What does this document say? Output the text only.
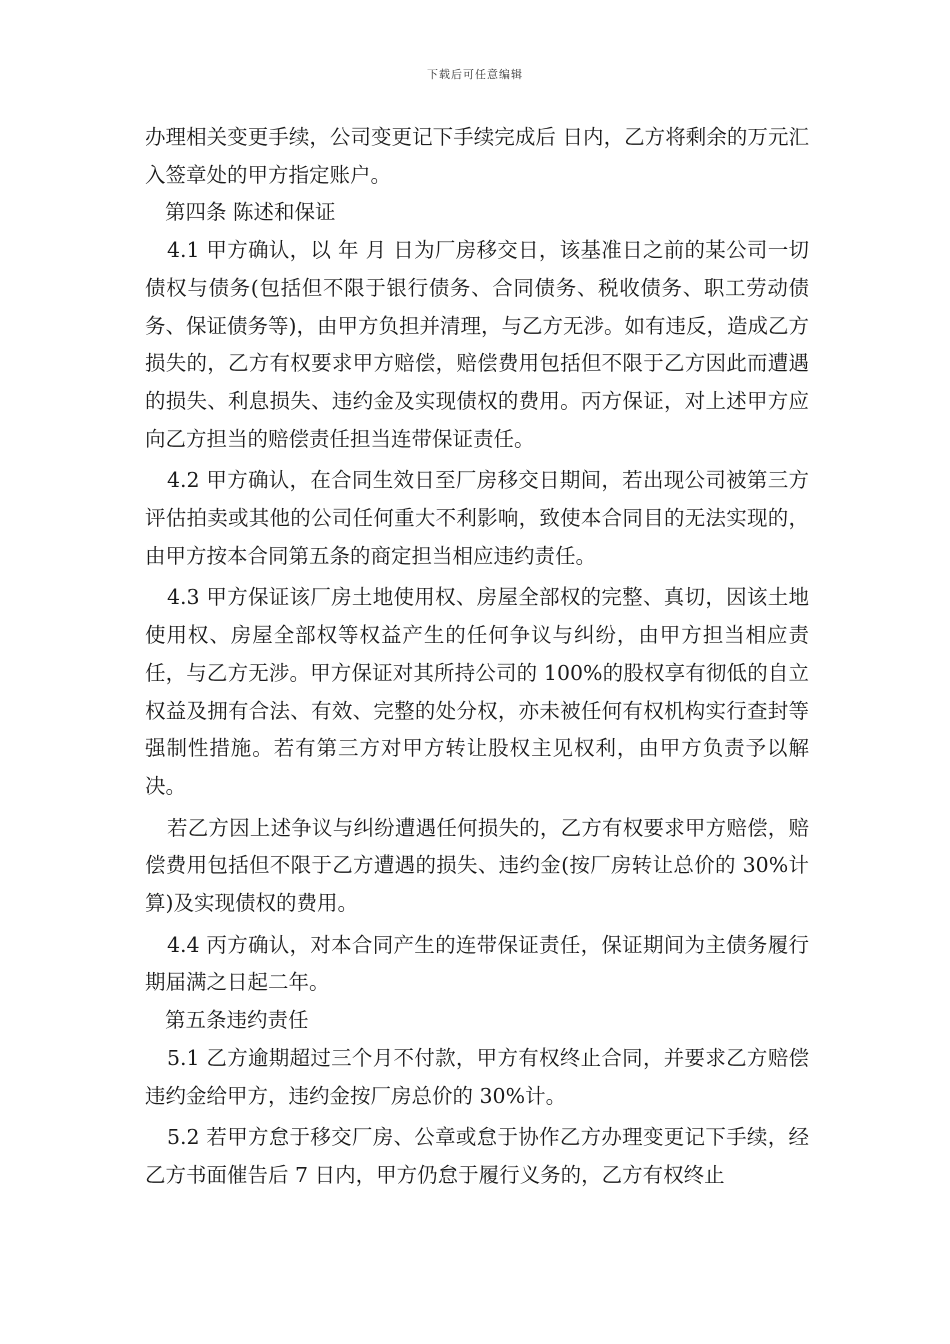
下载后可任意编辑

办理相关变更手续，公司变更记下手续完成后 日内，乙方将剩余的万元汇入签章处的甲方指定账户。

第四条 陈述和保证

4.1 甲方确认，以 年 月 日为厂房移交日，该基准日之前的某公司一切债权与债务(包括但不限于银行债务、合同债务、税收债务、职工劳动债务、保证债务等)，由甲方负担并清理，与乙方无涉。如有违反，造成乙方损失的，乙方有权要求甲方赔偿，赔偿费用包括但不限于乙方因此而遭遇的损失、利息损失、违约金及实现债权的费用。丙方保证，对上述甲方应向乙方担当的赔偿责任担当连带保证责任。

4.2 甲方确认，在合同生效日至厂房移交日期间，若出现公司被第三方评估拍卖或其他的公司任何重大不利影响，致使本合同目的无法实现的，由甲方按本合同第五条的商定担当相应违约责任。

4.3 甲方保证该厂房土地使用权、房屋全部权的完整、真切，因该土地使用权、房屋全部权等权益产生的任何争议与纠纷，由甲方担当相应责任，与乙方无涉。甲方保证对其所持公司的 100%的股权享有彻低的自立权益及拥有合法、有效、完整的处分权，亦未被任何有权机构实行查封等强制性措施。若有第三方对甲方转让股权主见权利，由甲方负责予以解决。

若乙方因上述争议与纠纷遭遇任何损失的，乙方有权要求甲方赔偿，赔偿费用包括但不限于乙方遭遇的损失、违约金(按厂房转让总价的 30%计算)及实现债权的费用。

4.4 丙方确认，对本合同产生的连带保证责任，保证期间为主债务履行期届满之日起二年。

第五条违约责任

5.1 乙方逾期超过三个月不付款，甲方有权终止合同，并要求乙方赔偿违约金给甲方，违约金按厂房总价的 30%计。

5.2 若甲方怠于移交厂房、公章或怠于协作乙方办理变更记下手续，经乙方书面催告后 7 日内，甲方仍怠于履行义务的，乙方有权终止
